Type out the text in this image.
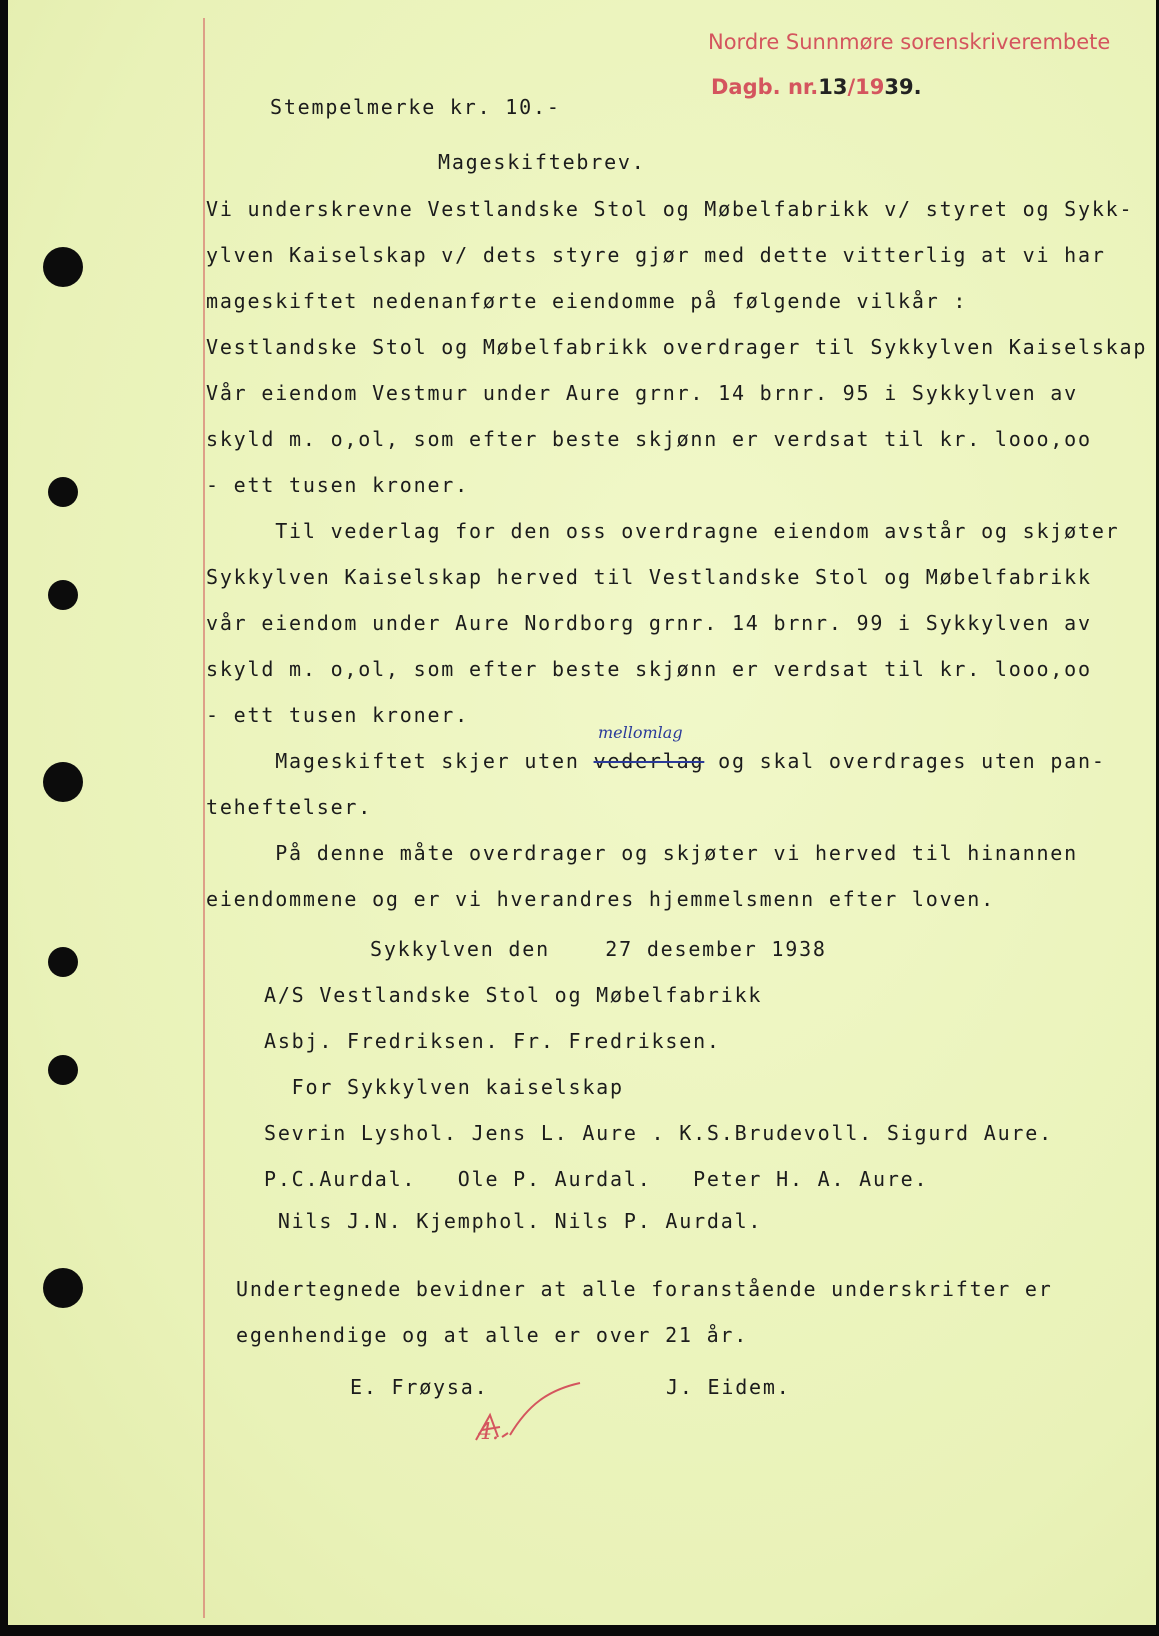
Nordre Sunnmøre sorenskriverembete
Dagb. nr.13/1939.
Stempelmerke kr. 10.-
Mageskiftebrev.
Vi underskrevne Vestlandske Stol og Møbelfabrikk v/ styret og Sykk-
ylven Kaiselskap v/ dets styre gjør med dette vitterlig at vi har
mageskiftet nedenanførte eiendomme på følgende vilkår :
Vestlandske Stol og Møbelfabrikk overdrager til Sykkylven Kaiselskap
Vår eiendom Vestmur under Aure grnr. 14 brnr. 95 i Sykkylven av
skyld m. o,ol, som efter beste skjønn er verdsat til kr. looo,oo
- ett tusen kroner.
Til vederlag for den oss overdragne eiendom avstår og skjøter
Sykkylven Kaiselskap herved til Vestlandske Stol og Møbelfabrikk
vår eiendom under Aure Nordborg grnr. 14 brnr. 99 i Sykkylven av
skyld m. o,ol, som efter beste skjønn er verdsat til kr. looo,oo
- ett tusen kroner.
mellomlag
Mageskiftet skjer uten vederlag og skal overdrages uten pan-
teheftelser.
På denne måte overdrager og skjøter vi herved til hinannen
eiendommene og er vi hverandres hjemmelsmenn efter loven.
Sykkylven den    27 desember 1938
A/S Vestlandske Stol og Møbelfabrikk
Asbj. Fredriksen. Fr. Fredriksen.
For Sykkylven kaiselskap
Sevrin Lyshol. Jens L. Aure . K.S.Brudevoll. Sigurd Aure.
P.C.Aurdal.   Ole P. Aurdal.   Peter H. A. Aure.
Nils J.N. Kjemphol. Nils P. Aurdal.
Undertegnede bevidner at alle foranstående underskrifter er
egenhendige og at alle er over 21 år.
E. Frøysa.	J. Eidem.
4.
